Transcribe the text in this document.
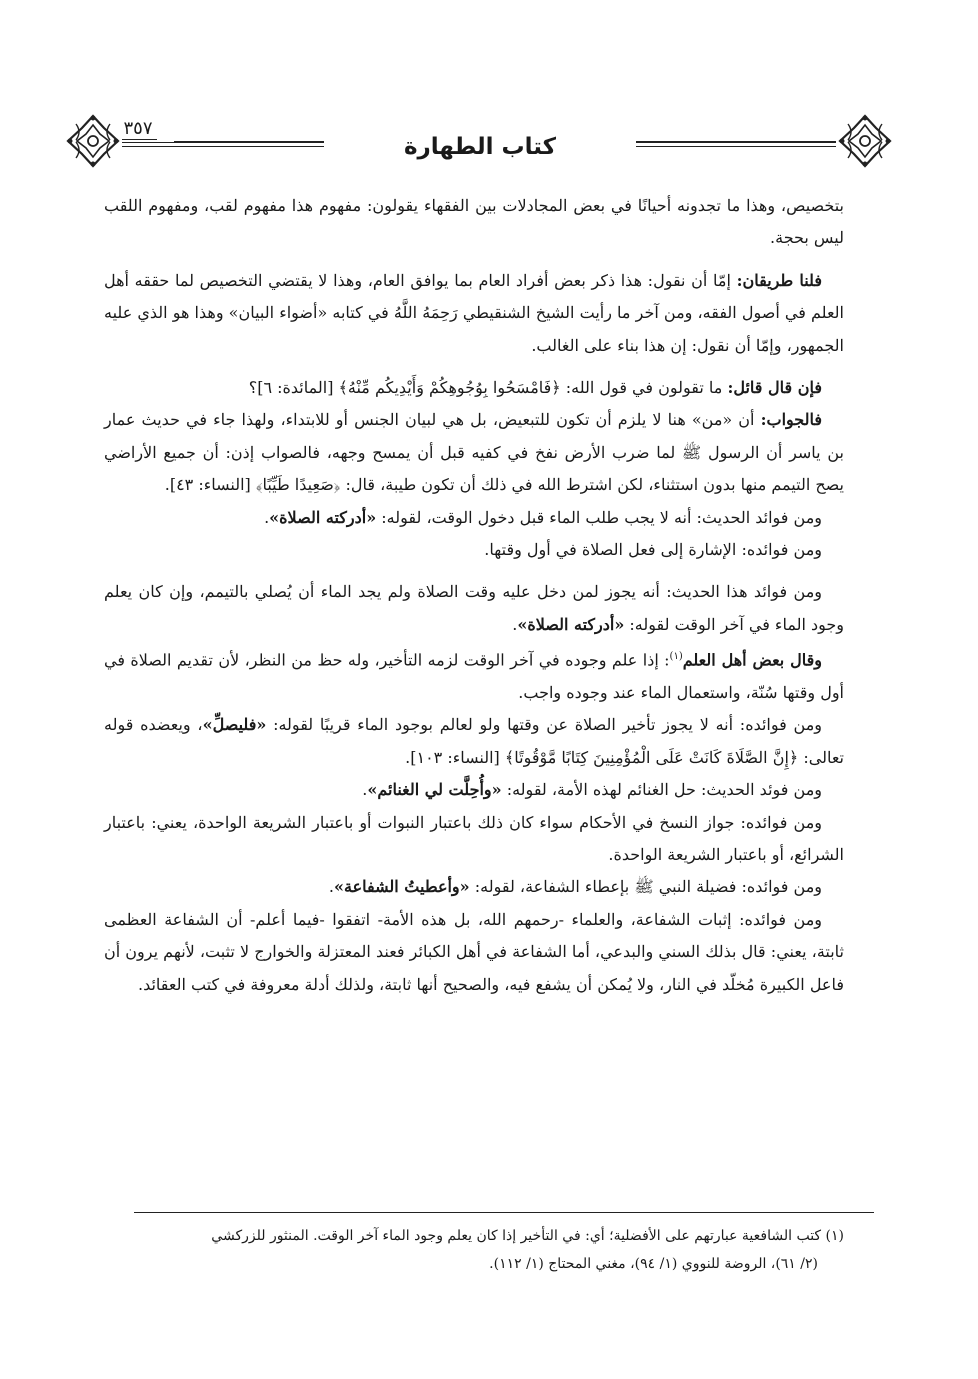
٣٥٧
كتاب الطهارة

بتخصيص، وهذا ما تجدونه أحيانًا في بعض المجادلات بين الفقهاء يقولون: مفهوم هذا مفهوم لقب، ومفهوم اللقب ليس بحجة.

فلنا طريقان: إمّا أن نقول: هذا ذكر بعض أفراد العام بما يوافق العام، وهذا لا يقتضي التخصيص لما حققه أهل العلم في أصول الفقه، ومن آخر ما رأيت الشيخ الشنقيطي رَحِمَهُ اللَّهُ في كتابه «أضواء البيان» وهذا هو الذي عليه الجمهور، وإمّا أن نقول: إن هذا بناء على الغالب.

فإن قال قائل: ما تقولون في قول الله: ﴿فَامْسَحُوا بِوُجُوهِكُمْ وَأَيْدِيكُم مِّنْهُ﴾ [المائدة: ٦]؟

فالجواب: أن «من» هنا لا يلزم أن تكون للتبعيض، بل هي لبيان الجنس أو للابتداء، ولهذا جاء في حديث عمار بن ياسر أن الرسول ﷺ لما ضرب الأرض نفخ في كفيه قبل أن يمسح وجهه، فالصواب إذن: أن جميع الأراضي يصح التيمم منها بدون استثناء، لكن اشترط الله في ذلك أن تكون طيبة، قال: ﴿صَعِيدًا طَيِّبًا﴾ [النساء: ٤٣].

ومن فوائد الحديث: أنه لا يجب طلب الماء قبل دخول الوقت، لقوله: «أدركته الصلاة».

ومن فوائده: الإشارة إلى فعل الصلاة في أول وقتها.

ومن فوائد هذا الحديث: أنه يجوز لمن دخل عليه وقت الصلاة ولم يجد الماء أن يُصلي بالتيمم، وإن كان يعلم وجود الماء في آخر الوقت لقوله: «أدركته الصلاة».

وقال بعض أهل العلم$^{(١)}$: إذا علم وجوده في آخر الوقت لزمه التأخير، وله حظ من النظر، لأن تقديم الصلاة في أول وقتها سُنّة، واستعمال الماء عند وجوده واجب.

ومن فوائده: أنه لا يجوز تأخير الصلاة عن وقتها ولو لعالم بوجود الماء قريبًا لقوله: «فليصلِّ»، ويعضده قوله تعالى: ﴿إِنَّ الصَّلَاةَ كَانَتْ عَلَى الْمُؤْمِنِينَ كِتَابًا مَّوْقُوتًا﴾ [النساء: ١٠٣].

ومن فوئد الحديث: حل الغنائم لهذه الأمة، لقوله: «وأُحِلَّت لي الغنائم».

ومن فوائده: جواز النسخ في الأحكام سواء كان ذلك باعتبار النبوات أو باعتبار الشريعة الواحدة، يعني: باعتبار الشرائع، أو باعتبار الشريعة الواحدة.

ومن فوائده: فضيلة النبي ﷺ بإعطاء الشفاعة، لقوله: «وأعطيتُ الشفاعة».

ومن فوائده: إثبات الشفاعة، والعلماء -رحمهم الله، بل هذه الأمة- اتفقوا -فيما أعلم- أن الشفاعة العظمى ثابتة، يعني: قال بذلك السني والبدعي، أما الشفاعة في أهل الكبائر فعند المعتزلة والخوارج لا تثبت، لأنهم يرون أن فاعل الكبيرة مُخلّد في النار، ولا يُمكن أن يشفع فيه، والصحيح أنها ثابتة، ولذلك أدلة معروفة في كتب العقائد.

(١) كتب الشافعية عبارتهم على الأفضلية؛ أي: في التأخير إذا كان يعلم وجود الماء آخر الوقت. المنثور للزركشي

(٢/ ٦١)، الروضة للنووي (١/ ٩٤)، مغني المحتاج (١/ ١١٢).
